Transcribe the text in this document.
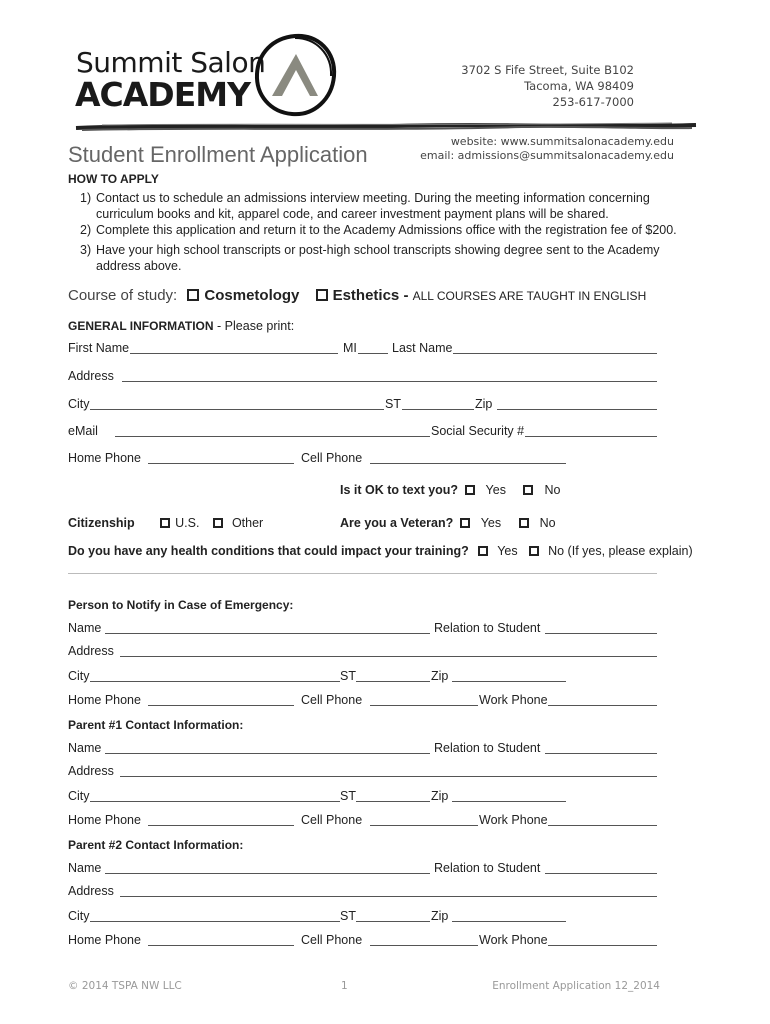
Summit Salon
ACADEMY
3702 S Fife Street, Suite B102
Tacoma, WA 98409
253-617-7000
website: www.summitsalonacademy.edu
email: admissions@summitsalonacademy.edu
Student Enrollment Application
HOW TO APPLY
1) Contact us to schedule an admissions interview meeting. During the meeting information concerning
curriculum books and kit, apparel code, and career investment payment plans will be shared.
2) Complete this application and return it to the Academy Admissions office with the registration fee of $200.
3) Have your high school transcripts or post-high school transcripts showing degree sent to the Academy
address above.
Course of study: Cosmetology Esthetics - ALL COURSES ARE TAUGHT IN ENGLISH
GENERAL INFORMATION - Please print:
First Name	MI	Last Name
Address
City	ST	Zip
eMail	Social Security #
Home Phone	Cell Phone
Is it OK to text you? Yes	No
Citizenship	U.S.	Other	Are you a Veteran? Yes	No
Do you have any health conditions that could impact your training? Yes No (If yes, please explain)
Person to Notify in Case of Emergency:
Name	Relation to Student
Address
City	ST	Zip
Home Phone	Cell Phone	Work Phone
Parent #1 Contact Information:
Name	Relation to Student
Address
City	ST	Zip
Home Phone	Cell Phone	Work Phone
Parent #2 Contact Information:
Name	Relation to Student
Address
City	ST	Zip
Home Phone	Cell Phone	Work Phone
© 2014 TSPA NW LLC	1	Enrollment Application 12_2014
